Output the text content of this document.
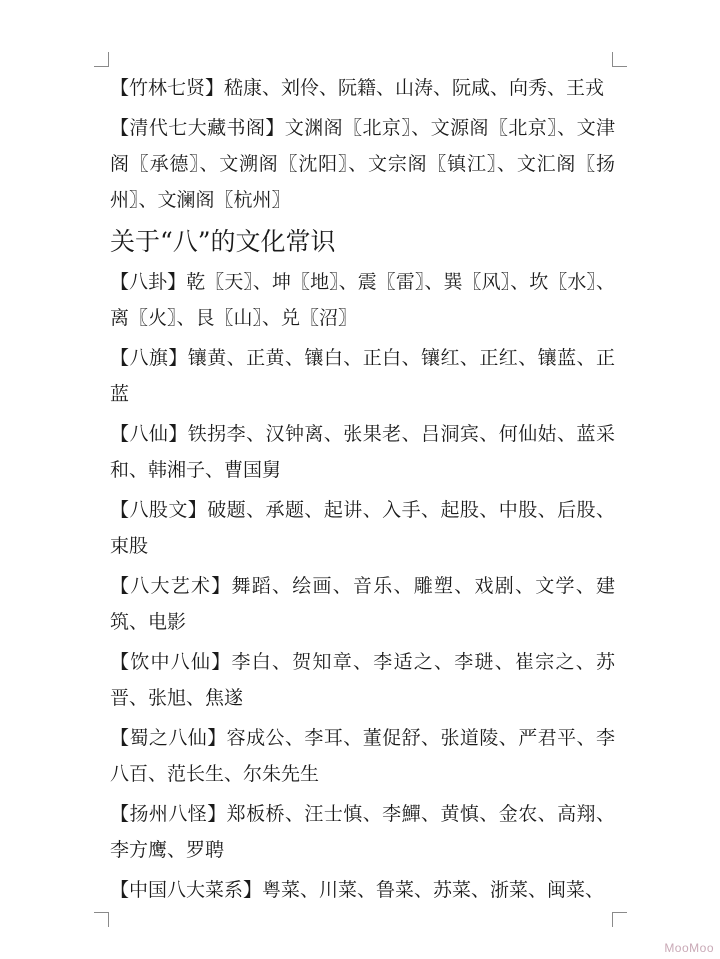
【竹林七贤】嵇康、刘伶、阮籍、山涛、阮咸、向秀、王戎

【清代七大藏书阁】文渊阁〖北京〗、文源阁〖北京〗、文津阁〖承德〗、文溯阁〖沈阳〗、文宗阁〖镇江〗、文汇阁〖扬州〗、文澜阁〖杭州〗

关于“八”的文化常识

【八卦】乾〖天〗、坤〖地〗、震〖雷〗、巽〖风〗、坎〖水〗、离〖火〗、艮〖山〗、兑〖沼〗

【八旗】镶黄、正黄、镶白、正白、镶红、正红、镶蓝、正蓝

【八仙】铁拐李、汉钟离、张果老、吕洞宾、何仙姑、蓝采和、韩湘子、曹国舅

【八股文】破题、承题、起讲、入手、起股、中股、后股、束股

【八大艺术】舞蹈、绘画、音乐、雕塑、戏剧、文学、建筑、电影

【饮中八仙】李白、贺知章、李适之、李琎、崔宗之、苏晋、张旭、焦遂

【蜀之八仙】容成公、李耳、董促舒、张道陵、严君平、李八百、范长生、尔朱先生

【扬州八怪】郑板桥、汪士慎、李鱓、黄慎、金农、高翔、李方鹰、罗聘

【中国八大菜系】粤菜、川菜、鲁菜、苏菜、浙菜、闽菜、

MooMoo
